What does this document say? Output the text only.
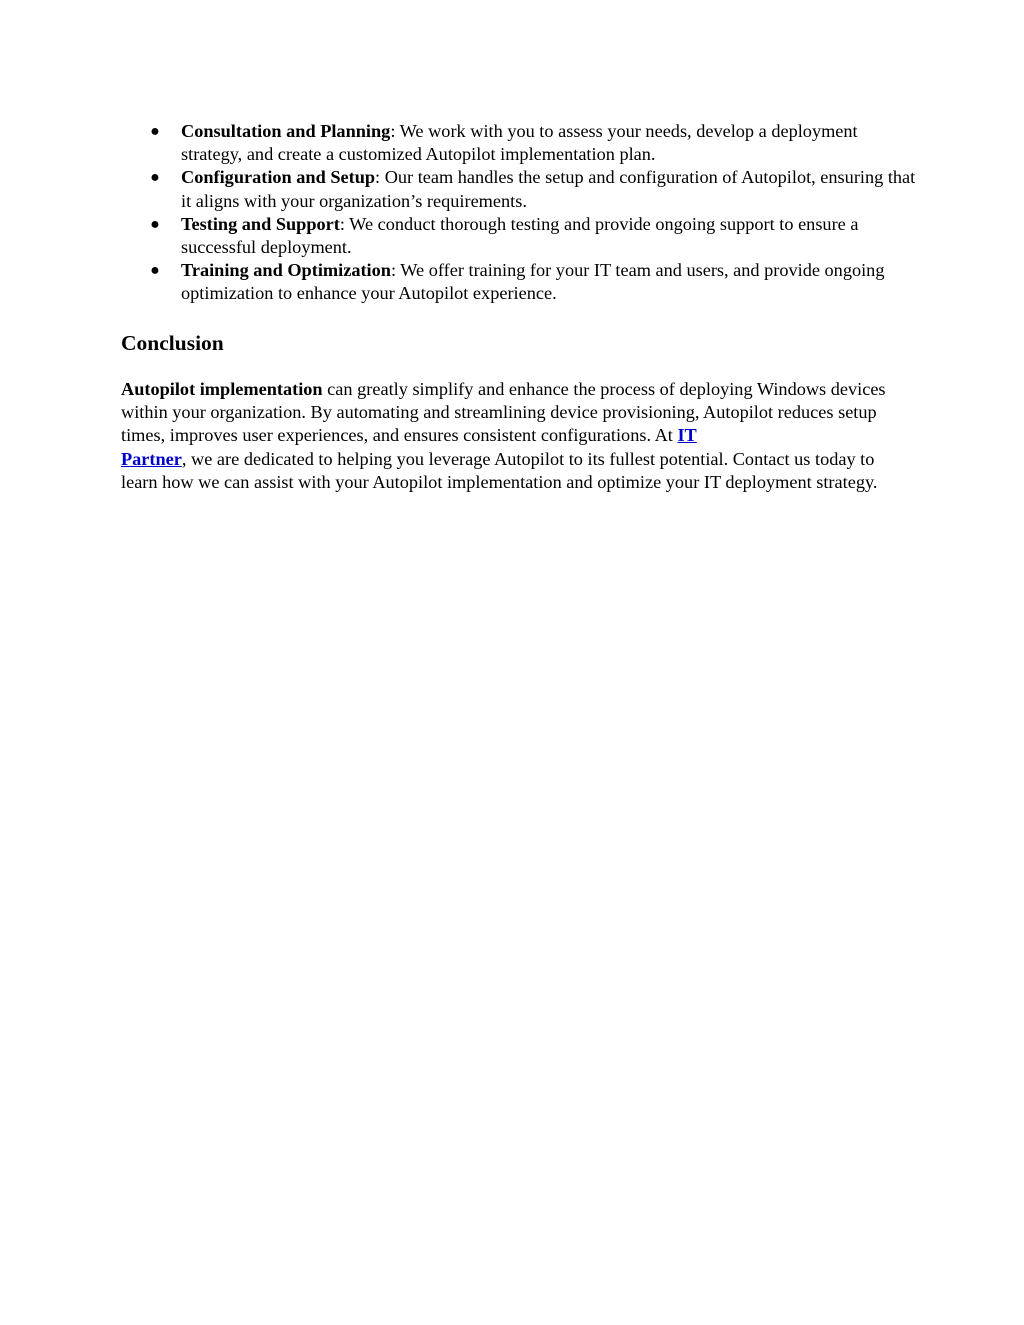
● Consultation and Planning: We work with you to assess your needs, develop a deployment strategy, and create a customized Autopilot implementation plan.
● Configuration and Setup: Our team handles the setup and configuration of Autopilot, ensuring that it aligns with your organization’s requirements.
● Testing and Support: We conduct thorough testing and provide ongoing support to ensure a successful deployment.
● Training and Optimization: We offer training for your IT team and users, and provide ongoing optimization to enhance your Autopilot experience.
Conclusion

Autopilot implementation can greatly simplify and enhance the process of deploying Windows devices within your organization. By automating and streamlining device provisioning, Autopilot reduces setup times, improves user experiences, and ensures consistent configurations. At IT
Partner, we are dedicated to helping you leverage Autopilot to its fullest potential. Contact us today to learn how we can assist with your Autopilot implementation and optimize your IT deployment strategy.
